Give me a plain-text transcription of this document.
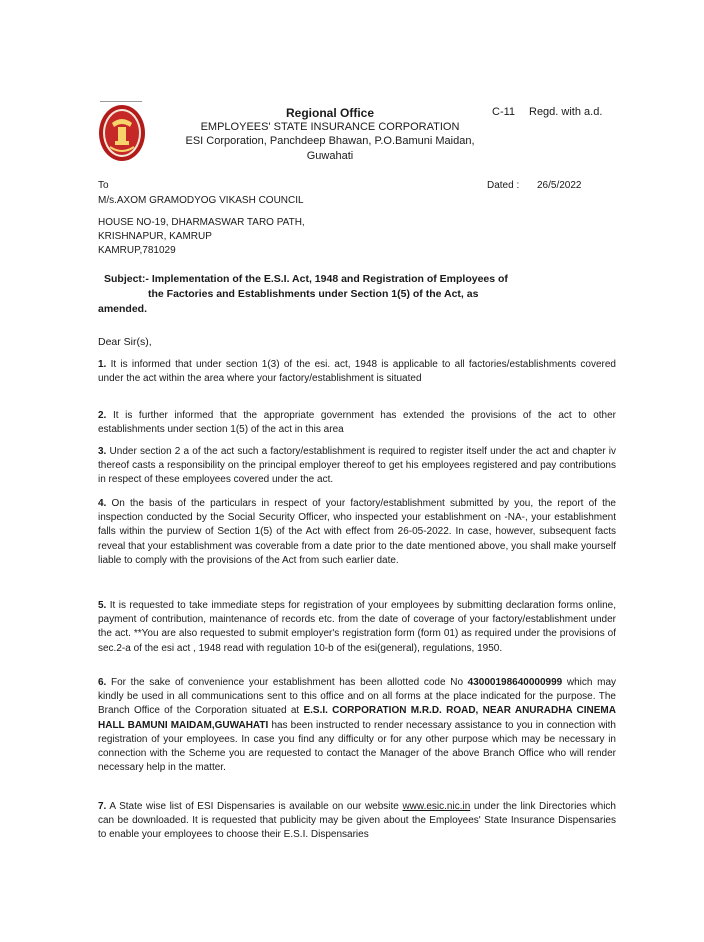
Regional Office
EMPLOYEES' STATE INSURANCE CORPORATION
ESI Corporation, Panchdeep Bhawan, P.O.Bamuni Maidan,
Guwahati
C-11 Regd. with a.d.
To	Dated : 26/5/2022
M/s.AXOM GRAMODYOG VIKASH COUNCIL
HOUSE NO-19, DHARMASWAR TARO PATH,
KRISHNAPUR, KAMRUP
KAMRUP,781029
Subject:- Implementation of the E.S.I. Act, 1948 and Registration of Employees of
the Factories and Establishments under Section 1(5) of the Act, as
amended.
Dear Sir(s),
1. It is informed that under section 1(3) of the esi. act, 1948 is applicable to all factories/establishments covered under the act within the area where your factory/establishment is situated
2. It is further informed that the appropriate government has extended the provisions of the act to other establishments under section 1(5) of the act in this area
3. Under section 2 a of the act such a factory/establishment is required to register itself under the act and chapter iv thereof casts a responsibility on the principal employer thereof to get his employees registered and pay contributions in respect of these employees covered under the act.
4. On the basis of the particulars in respect of your factory/establishment submitted by you, the report of the inspection conducted by the Social Security Officer, who inspected your establishment on -NA-, your establishment falls within the purview of Section 1(5) of the Act with effect from 26-05-2022. In case, however, subsequent facts reveal that your establishment was coverable from a date prior to the date mentioned above, you shall make yourself liable to comply with the provisions of the Act from such earlier date.
5. It is requested to take immediate steps for registration of your employees by submitting declaration forms online, payment of contribution, maintenance of records etc. from the date of coverage of your factory/establishment under the act. **You are also requested to submit employer's registration form (form 01) as required under the provisions of sec.2-a of the esi act , 1948 read with regulation 10-b of the esi(general), regulations, 1950.
6. For the sake of convenience your establishment has been allotted code No 43000198640000999 which may kindly be used in all communications sent to this office and on all forms at the place indicated for the purpose. The Branch Office of the Corporation situated at E.S.I. CORPORATION M.R.D. ROAD, NEAR ANURADHA CINEMA HALL BAMUNI MAIDAM,GUWAHATI has been instructed to render necessary assistance to you in connection with registration of your employees. In case you find any difficulty or for any other purpose which may be necessary in connection with the Scheme you are requested to contact the Manager of the above Branch Office who will render necessary help in the matter.
7. A State wise list of ESI Dispensaries is available on our website www.esic.nic.in under the link Directories which can be downloaded. It is requested that publicity may be given about the Employees' State Insurance Dispensaries to enable your employees to choose their E.S.I. Dispensaries
